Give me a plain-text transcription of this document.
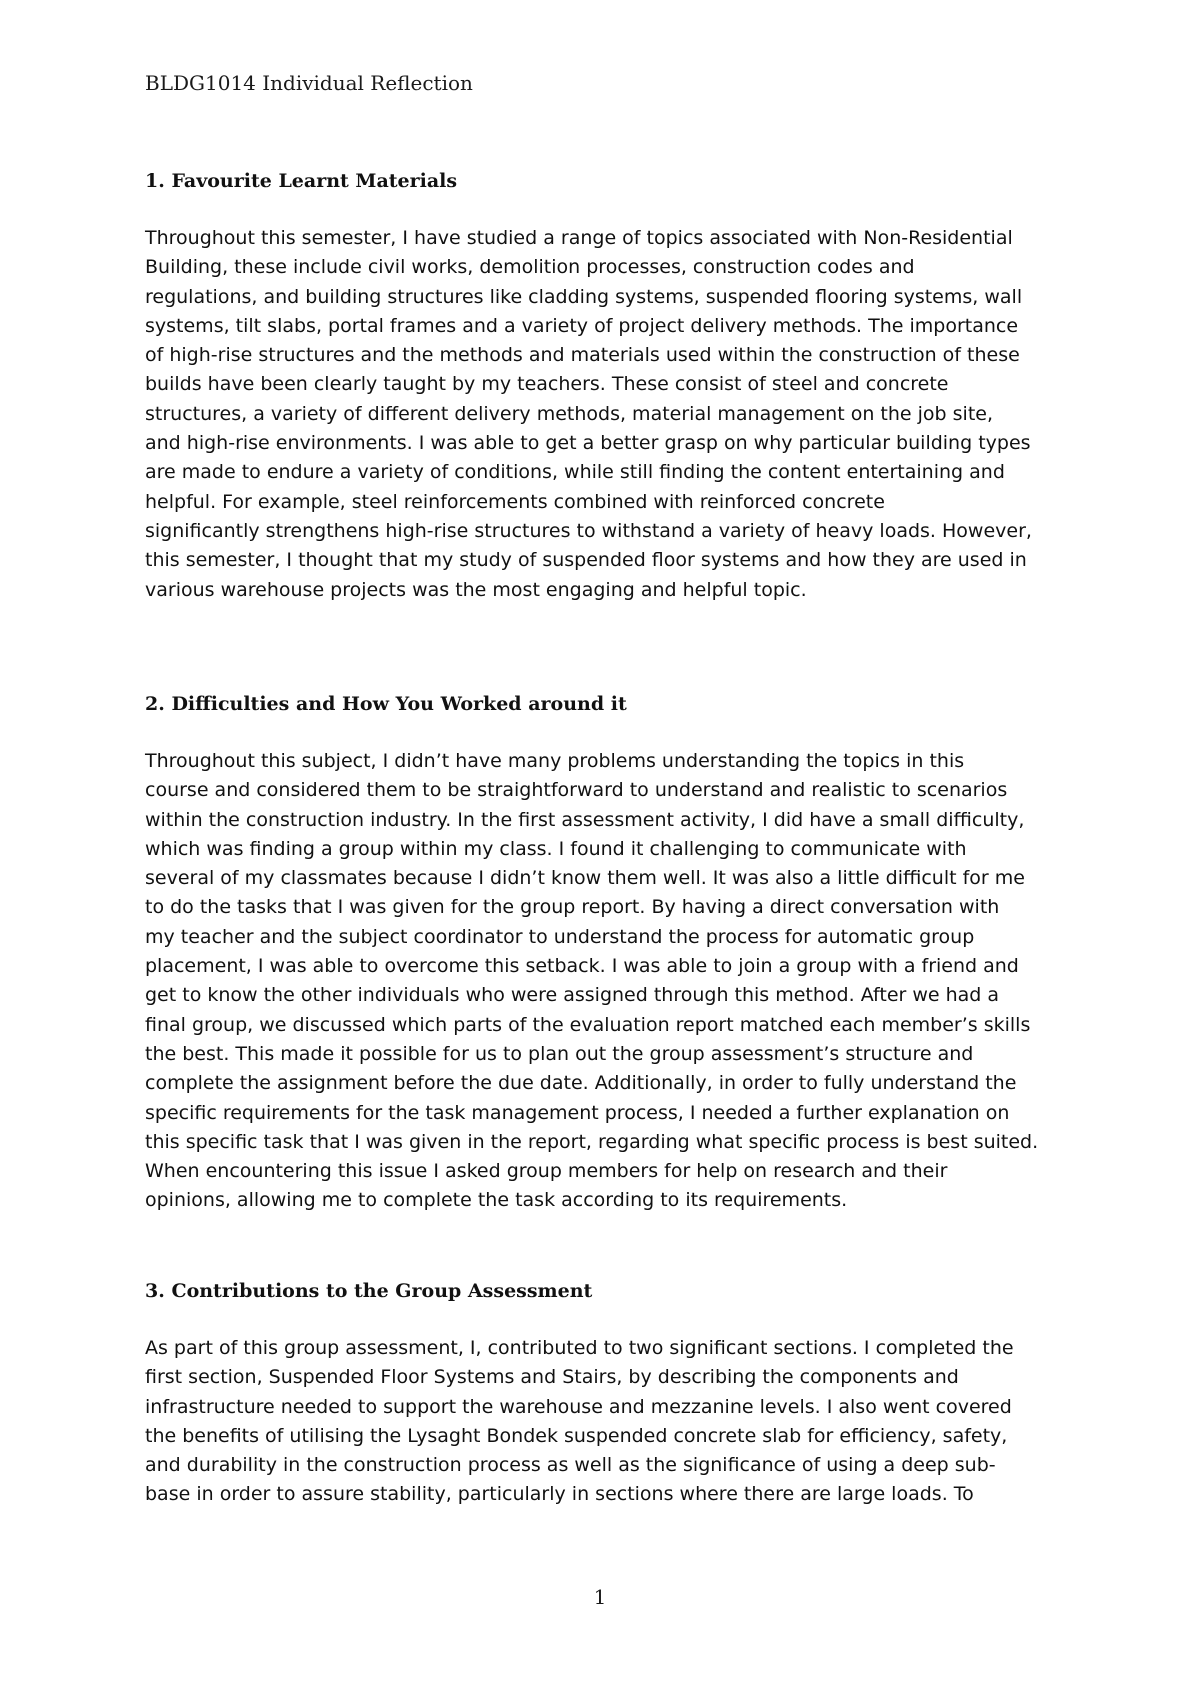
BLDG1014 Individual Reflection
1. Favourite Learnt Materials
Throughout this semester, I have studied a range of topics associated with Non-Residential
Building, these include civil works, demolition processes, construction codes and
regulations, and building structures like cladding systems, suspended flooring systems, wall
systems, tilt slabs, portal frames and a variety of project delivery methods. The importance
of high-rise structures and the methods and materials used within the construction of these
builds have been clearly taught by my teachers. These consist of steel and concrete
structures, a variety of different delivery methods, material management on the job site,
and high-rise environments. I was able to get a better grasp on why particular building types
are made to endure a variety of conditions, while still finding the content entertaining and
helpful. For example, steel reinforcements combined with reinforced concrete
significantly strengthens high-rise structures to withstand a variety of heavy loads. However,
this semester, I thought that my study of suspended floor systems and how they are used in
various warehouse projects was the most engaging and helpful topic.
2. Difficulties and How You Worked around it
Throughout this subject, I didn’t have many problems understanding the topics in this
course and considered them to be straightforward to understand and realistic to scenarios
within the construction industry. In the first assessment activity, I did have a small difficulty,
which was finding a group within my class. I found it challenging to communicate with
several of my classmates because I didn’t know them well. It was also a little difficult for me
to do the tasks that I was given for the group report. By having a direct conversation with
my teacher and the subject coordinator to understand the process for automatic group
placement, I was able to overcome this setback. I was able to join a group with a friend and
get to know the other individuals who were assigned through this method. After we had a
final group, we discussed which parts of the evaluation report matched each member’s skills
the best. This made it possible for us to plan out the group assessment’s structure and
complete the assignment before the due date. Additionally, in order to fully understand the
specific requirements for the task management process, I needed a further explanation on
this specific task that I was given in the report, regarding what specific process is best suited.
When encountering this issue I asked group members for help on research and their
opinions, allowing me to complete the task according to its requirements.
3. Contributions to the Group Assessment
As part of this group assessment, I, contributed to two significant sections. I completed the
first section, Suspended Floor Systems and Stairs, by describing the components and
infrastructure needed to support the warehouse and mezzanine levels. I also went covered
the benefits of utilising the Lysaght Bondek suspended concrete slab for efficiency, safety,
and durability in the construction process as well as the significance of using a deep sub-
base in order to assure stability, particularly in sections where there are large loads. To
1
